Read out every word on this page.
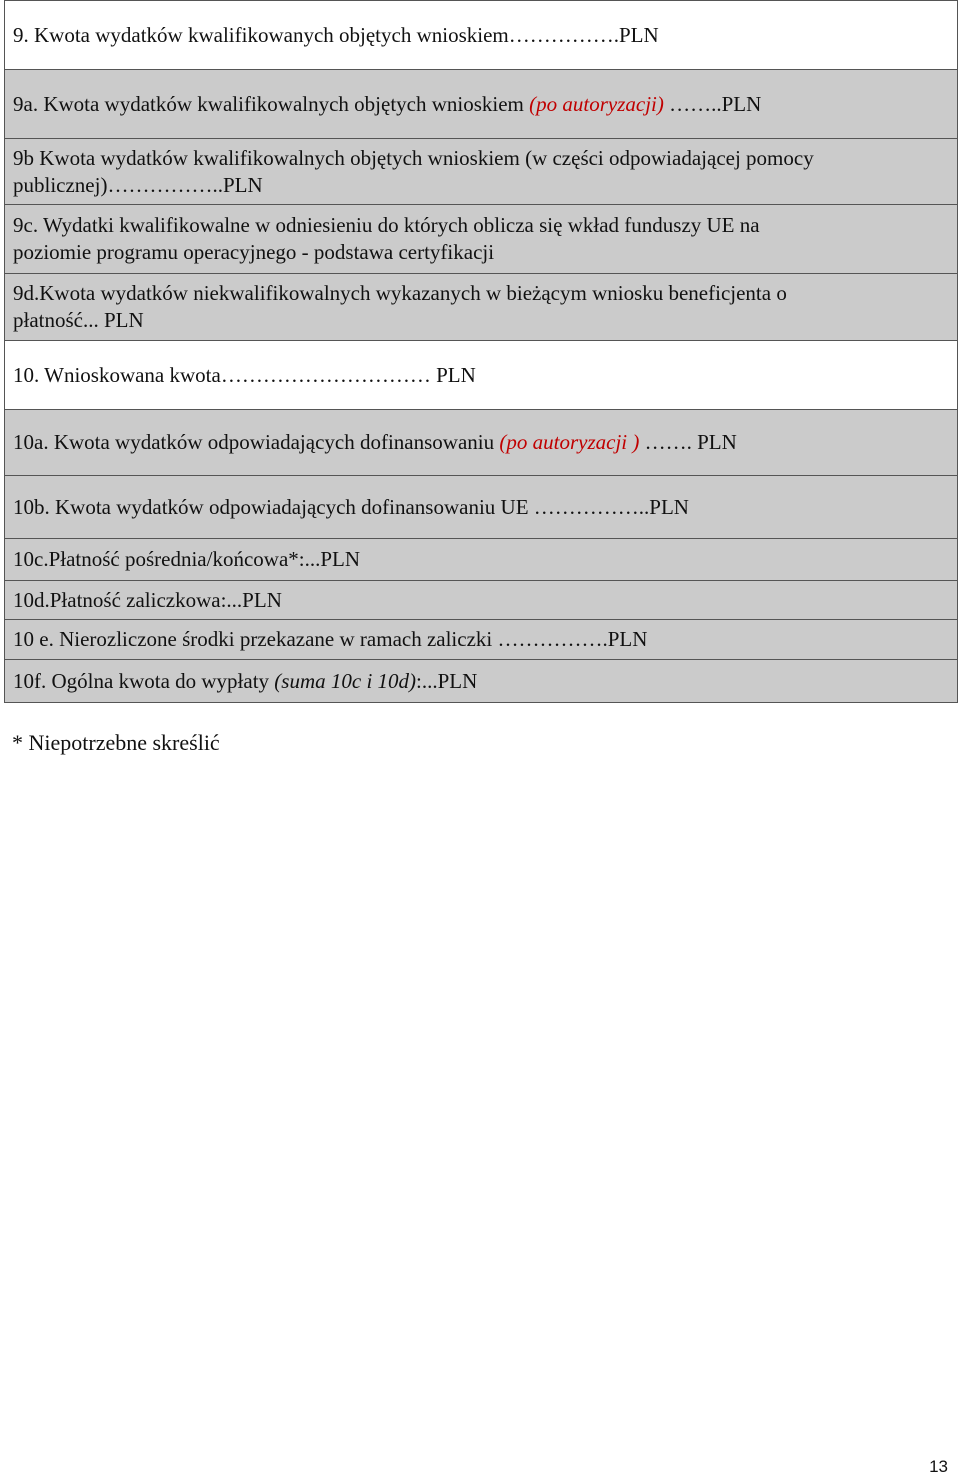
9. Kwota wydatków kwalifikowanych objętych wnioskiem…………….PLN
9a. Kwota wydatków kwalifikowalnych objętych wnioskiem (po autoryzacji) ……..PLN
9b Kwota wydatków kwalifikowalnych objętych wnioskiem (w części odpowiadającej pomocy
publicznej)……………..PLN
9c. Wydatki kwalifikowalne w odniesieniu do których oblicza się wkład funduszy UE na
poziomie programu operacyjnego - podstawa certyfikacji
9d.Kwota wydatków niekwalifikowalnych wykazanych w bieżącym wniosku beneficjenta o
płatność... PLN
10. Wnioskowana kwota………………………… PLN
10a. Kwota wydatków odpowiadających dofinansowaniu (po autoryzacji ) ……. PLN
10b. Kwota wydatków odpowiadających dofinansowaniu UE ……………..PLN
10c.Płatność pośrednia/końcowa*:...PLN
10d.Płatność zaliczkowa:...PLN
10 e. Nierozliczone środki przekazane w ramach zaliczki …………….PLN
10f. Ogólna kwota do wypłaty (suma 10c i 10d):...PLN
* Niepotrzebne skreślić
13
